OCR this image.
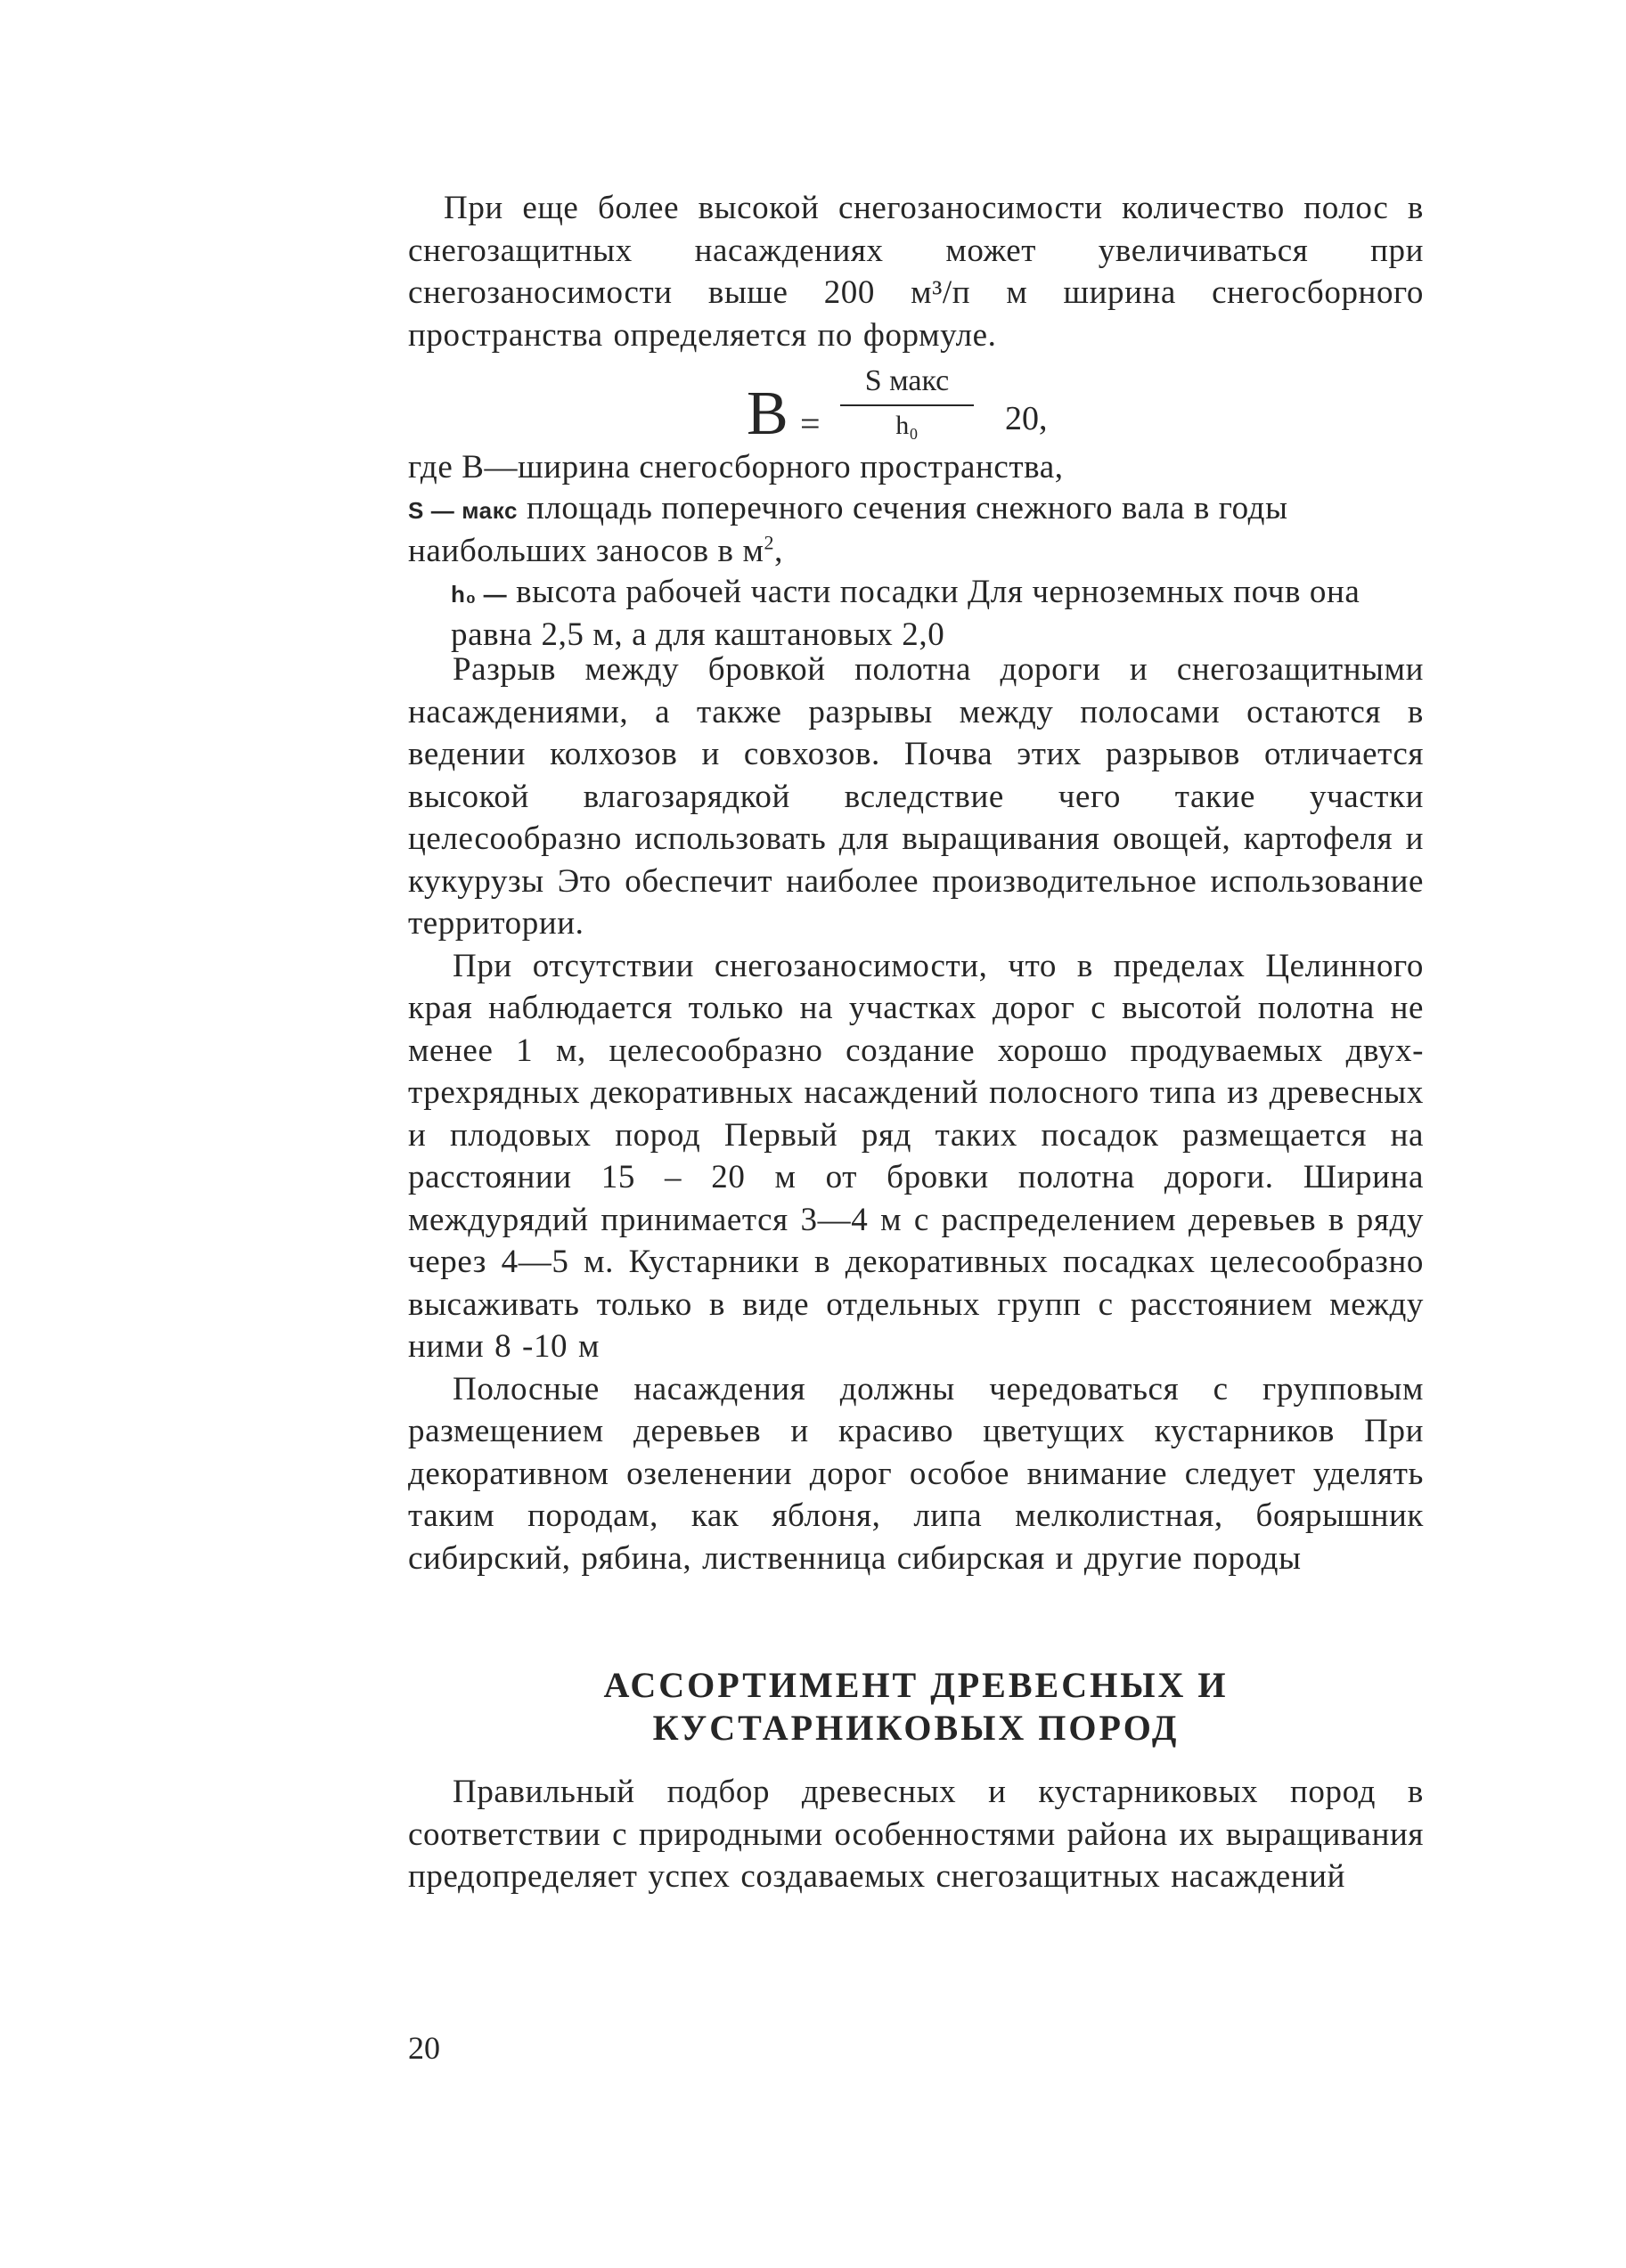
При еще более высокой снегозаносимости количество полос в снегозащитных насаждениях может увеличиваться при снегозаносимости выше 200 м³/п м ширина снегосборного пространства определяется по формуле.

B =
S макс
h₀	20,
где B—ширина снегосборного пространства,
S — макс площадь поперечного сечения снежного вала в годы наибольших заносов в $м^2$,
h₀ — высота рабочей части посадки Для черноземных почв она равна 2,5 м, а для каштановых 2,0

Разрыв между бровкой полотна дороги и снегозащитными насаждениями, а также разрывы между полосами остаются в ведении колхозов и совхозов. Почва этих разрывов отличается высокой влагозарядкой вследствие чего такие участки целесообразно использовать для выращивания овощей, картофеля и кукурузы Это обеспечит наиболее производительное использование территории.

При отсутствии снегозаносимости, что в пределах Целинного края наблюдается только на участках дорог с высотой полотна не менее 1 м, целесообразно создание хорошо продуваемых двух-трехрядных декоративных насаждений полосного типа из древесных и плодовых пород Первый ряд таких посадок размещается на расстоянии 15 – 20 м от бровки полотна дороги. Ширина междурядий принимается 3—4 м с распределением деревьев в ряду через 4—5 м. Кустарники в декоративных посадках целесообразно высаживать только в виде отдельных групп с расстоянием между ними 8 -10 м

Полосные насаждения должны чередоваться с групповым размещением деревьев и красиво цветущих кустарников При декоративном озеленении дорог особое внимание следует уделять таким породам, как яблоня, липа мелколистная, боярышник сибирский, рябина, лиственница сибирская и другие породы

АССОРТИМЕНТ ДРЕВЕСНЫХ И
КУСТАРНИКОВЫХ ПОРОД

Правильный подбор древесных и кустарниковых пород в соответствии с природными особенностями района их выращивания предопределяет успех создаваемых снегозащитных насаждений

20
